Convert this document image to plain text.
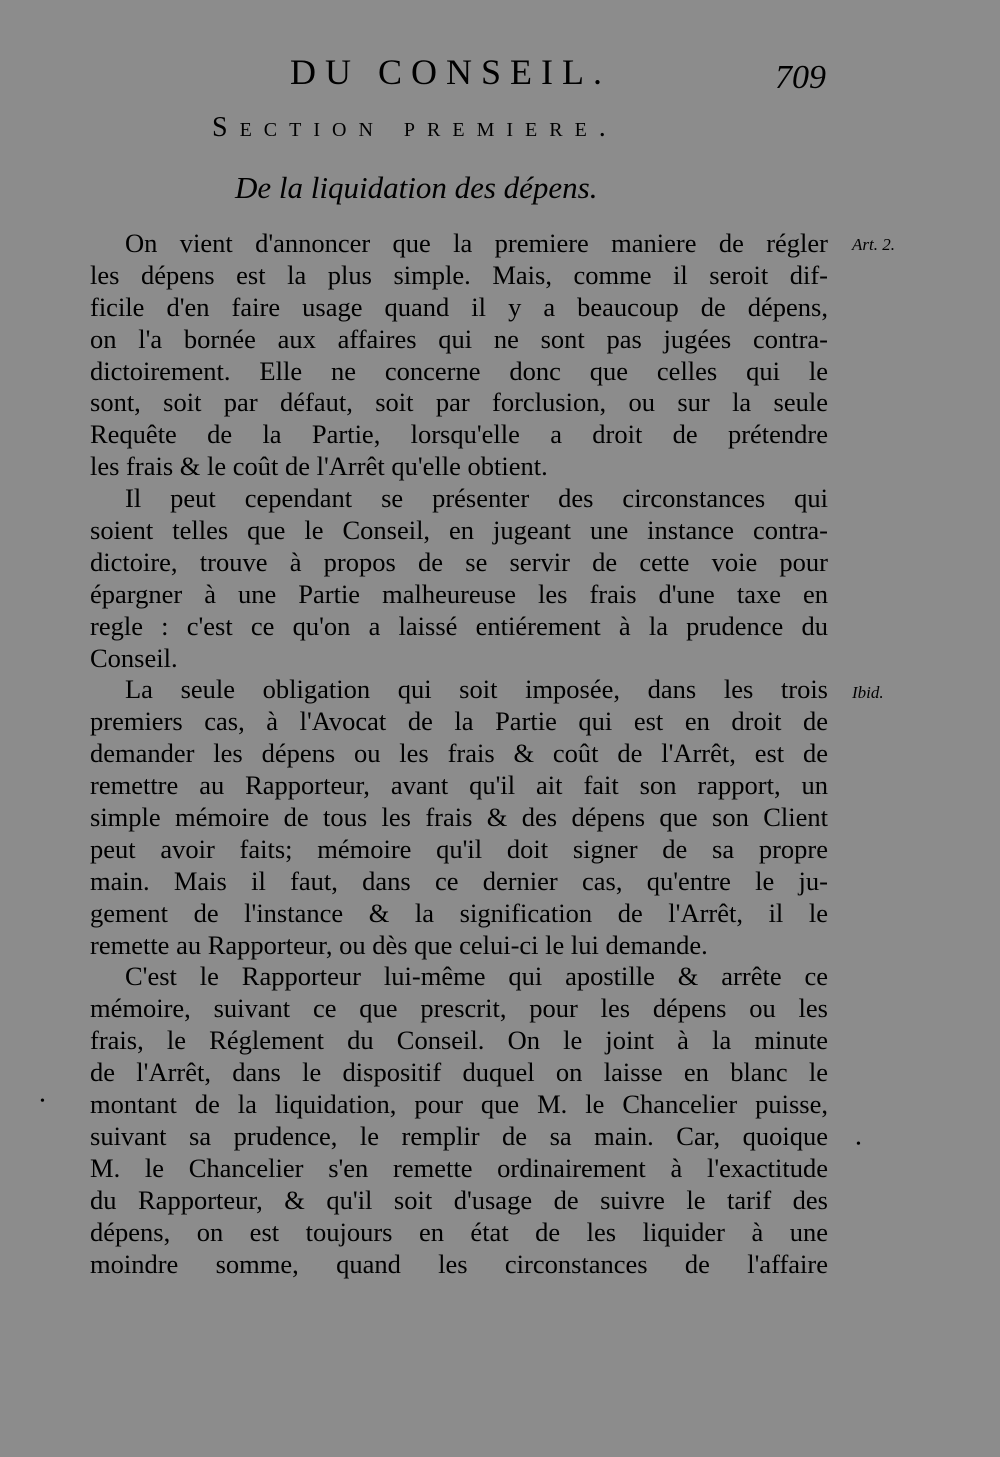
DU CONSEIL.	709
Section premiere.
De la liquidation des dépens.
On vient d'annoncer que la premiere maniere de régler
les dépens est la plus simple. Mais, comme il seroit dif-
ficile d'en faire usage quand il y a beaucoup de dépens,
on l'a bornée aux affaires qui ne sont pas jugées contra-
dictoirement. Elle ne concerne donc que celles qui le
sont, soit par défaut, soit par forclusion, ou sur la seule
Requête de la Partie, lorsqu'elle a droit de prétendre
les frais & le coût de l'Arrêt qu'elle obtient.
Il peut cependant se présenter des circonstances qui
soient telles que le Conseil, en jugeant une instance contra-
dictoire, trouve à propos de se servir de cette voie pour
épargner à une Partie malheureuse les frais d'une taxe en
regle : c'est ce qu'on a laissé entiérement à la prudence du
Conseil.
La seule obligation qui soit imposée, dans les trois
premiers cas, à l'Avocat de la Partie qui est en droit de
demander les dépens ou les frais & coût de l'Arrêt, est de
remettre au Rapporteur, avant qu'il ait fait son rapport, un
simple mémoire de tous les frais & des dépens que son Client
peut avoir faits; mémoire qu'il doit signer de sa propre
main. Mais il faut, dans ce dernier cas, qu'entre le ju-
gement de l'instance & la signification de l'Arrêt, il le
remette au Rapporteur, ou dès que celui-ci le lui demande.
C'est le Rapporteur lui-même qui apostille & arrête ce
mémoire, suivant ce que prescrit, pour les dépens ou les
frais, le Réglement du Conseil. On le joint à la minute
de l'Arrêt, dans le dispositif duquel on laisse en blanc le
montant de la liquidation, pour que M. le Chancelier puisse,
suivant sa prudence, le remplir de sa main. Car, quoique
M. le Chancelier s'en remette ordinairement à l'exactitude
du Rapporteur, & qu'il soit d'usage de suivre le tarif des
dépens, on est toujours en état de les liquider à une
moindre somme, quand les circonstances de l'affaire
Art. 2.
Ibid.
•
•
